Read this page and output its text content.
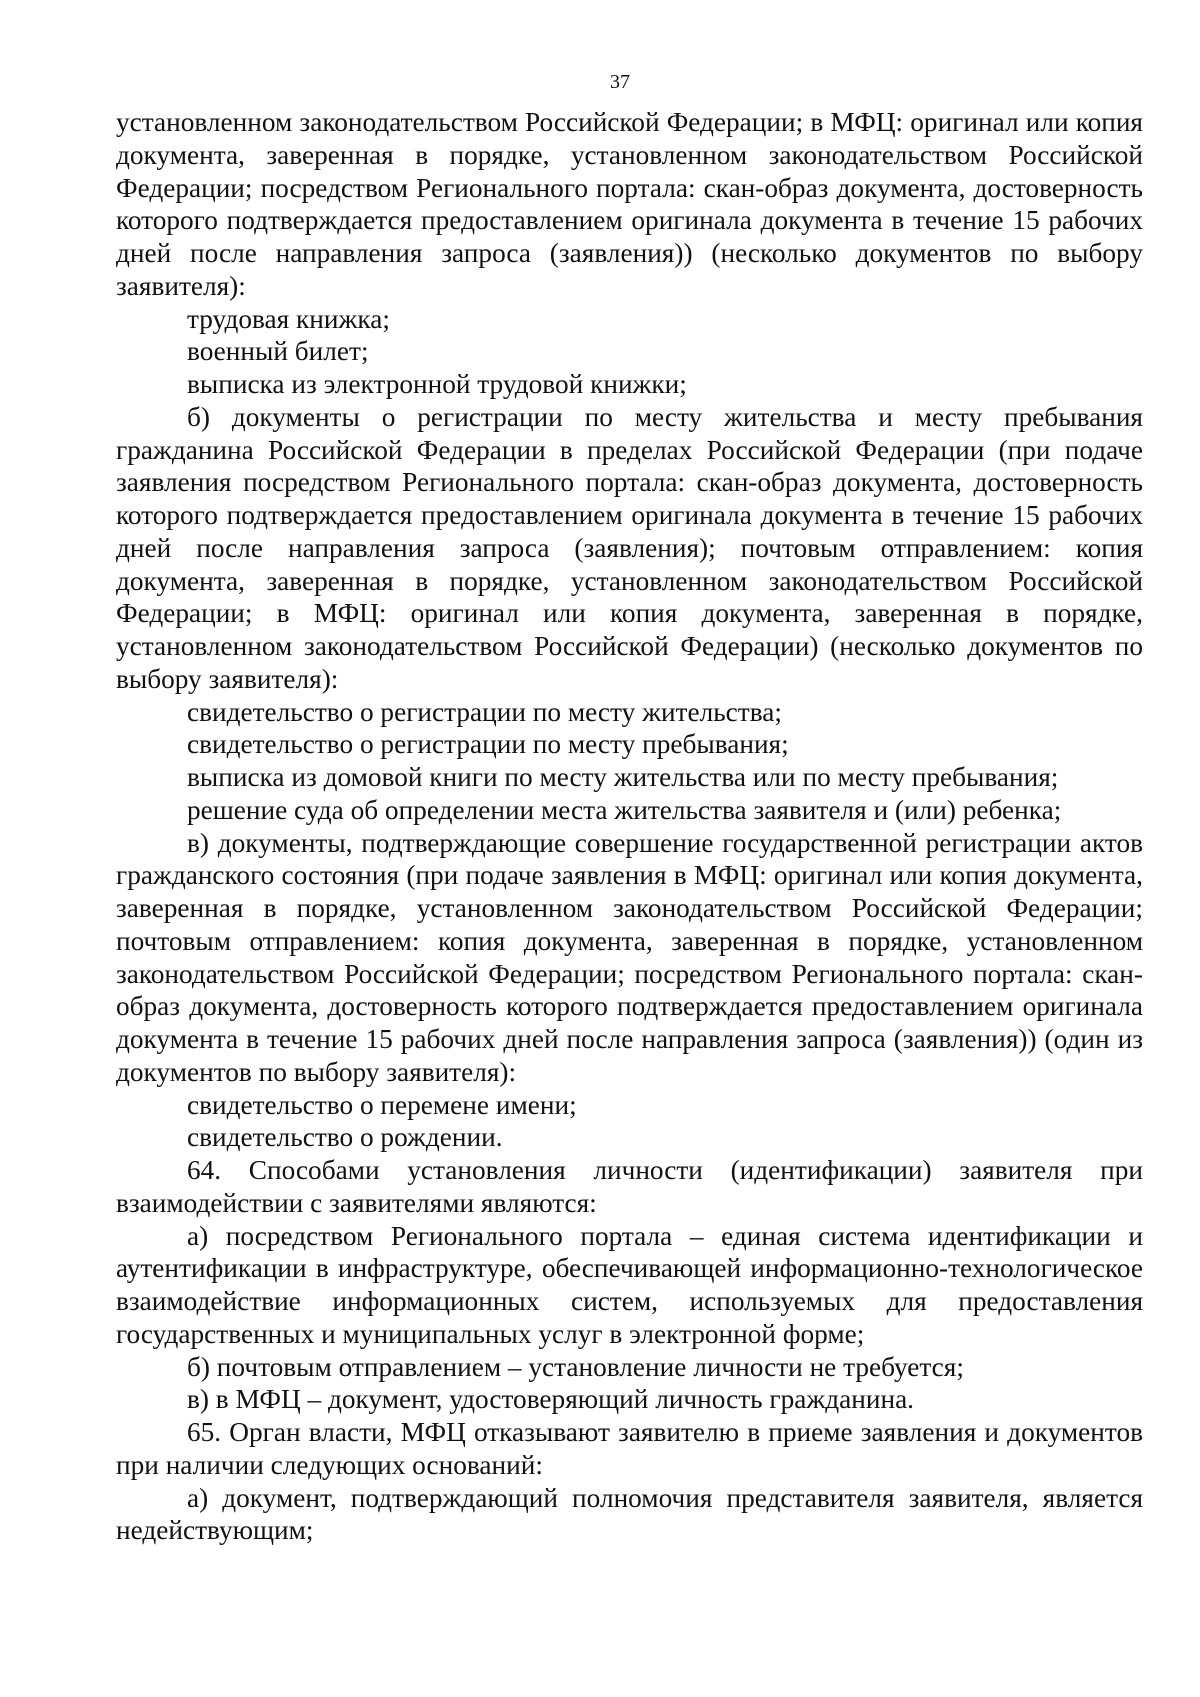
37

установленном законодательством Российской Федерации; в МФЦ: оригинал или копия документа, заверенная в порядке, установленном законодательством Российской Федерации; посредством Регионального портала: скан-образ документа, достоверность которого подтверждается предоставлением оригинала документа в течение 15 рабочих дней после направления запроса (заявления)) (несколько документов по выбору заявителя):

трудовая книжка;

военный билет;

выписка из электронной трудовой книжки;

б) документы о регистрации по месту жительства и месту пребывания гражданина Российской Федерации в пределах Российской Федерации (при подаче заявления посредством Регионального портала: скан-образ документа, достоверность которого подтверждается предоставлением оригинала документа в течение 15 рабочих дней после направления запроса (заявления); почтовым отправлением: копия документа, заверенная в порядке, установленном законодательством Российской Федерации; в МФЦ: оригинал или копия документа, заверенная в порядке, установленном законодательством Российской Федерации) (несколько документов по выбору заявителя):

свидетельство о регистрации по месту жительства;

свидетельство о регистрации по месту пребывания;

выписка из домовой книги по месту жительства или по месту пребывания;

решение суда об определении места жительства заявителя и (или) ребенка;

в) документы, подтверждающие совершение государственной регистрации актов гражданского состояния (при подаче заявления в МФЦ: оригинал или копия документа, заверенная в порядке, установленном законодательством Российской Федерации; почтовым отправлением: копия документа, заверенная в порядке, установленном законодательством Российской Федерации; посредством Регионального портала: скан-образ документа, достоверность которого подтверждается предоставлением оригинала документа в течение 15 рабочих дней после направления запроса (заявления)) (один из документов по выбору заявителя):

свидетельство о перемене имени;

свидетельство о рождении.

64. Способами установления личности (идентификации) заявителя при взаимодействии с заявителями являются:

а) посредством Регионального портала – единая система идентификации и аутентификации в инфраструктуре, обеспечивающей информационно-технологическое взаимодействие информационных систем, используемых для предоставления государственных и муниципальных услуг в электронной форме;

б) почтовым отправлением – установление личности не требуется;

в) в МФЦ – документ, удостоверяющий личность гражданина.

65. Орган власти, МФЦ отказывают заявителю в приеме заявления и документов при наличии следующих оснований:

а) документ, подтверждающий полномочия представителя заявителя, является недействующим;
